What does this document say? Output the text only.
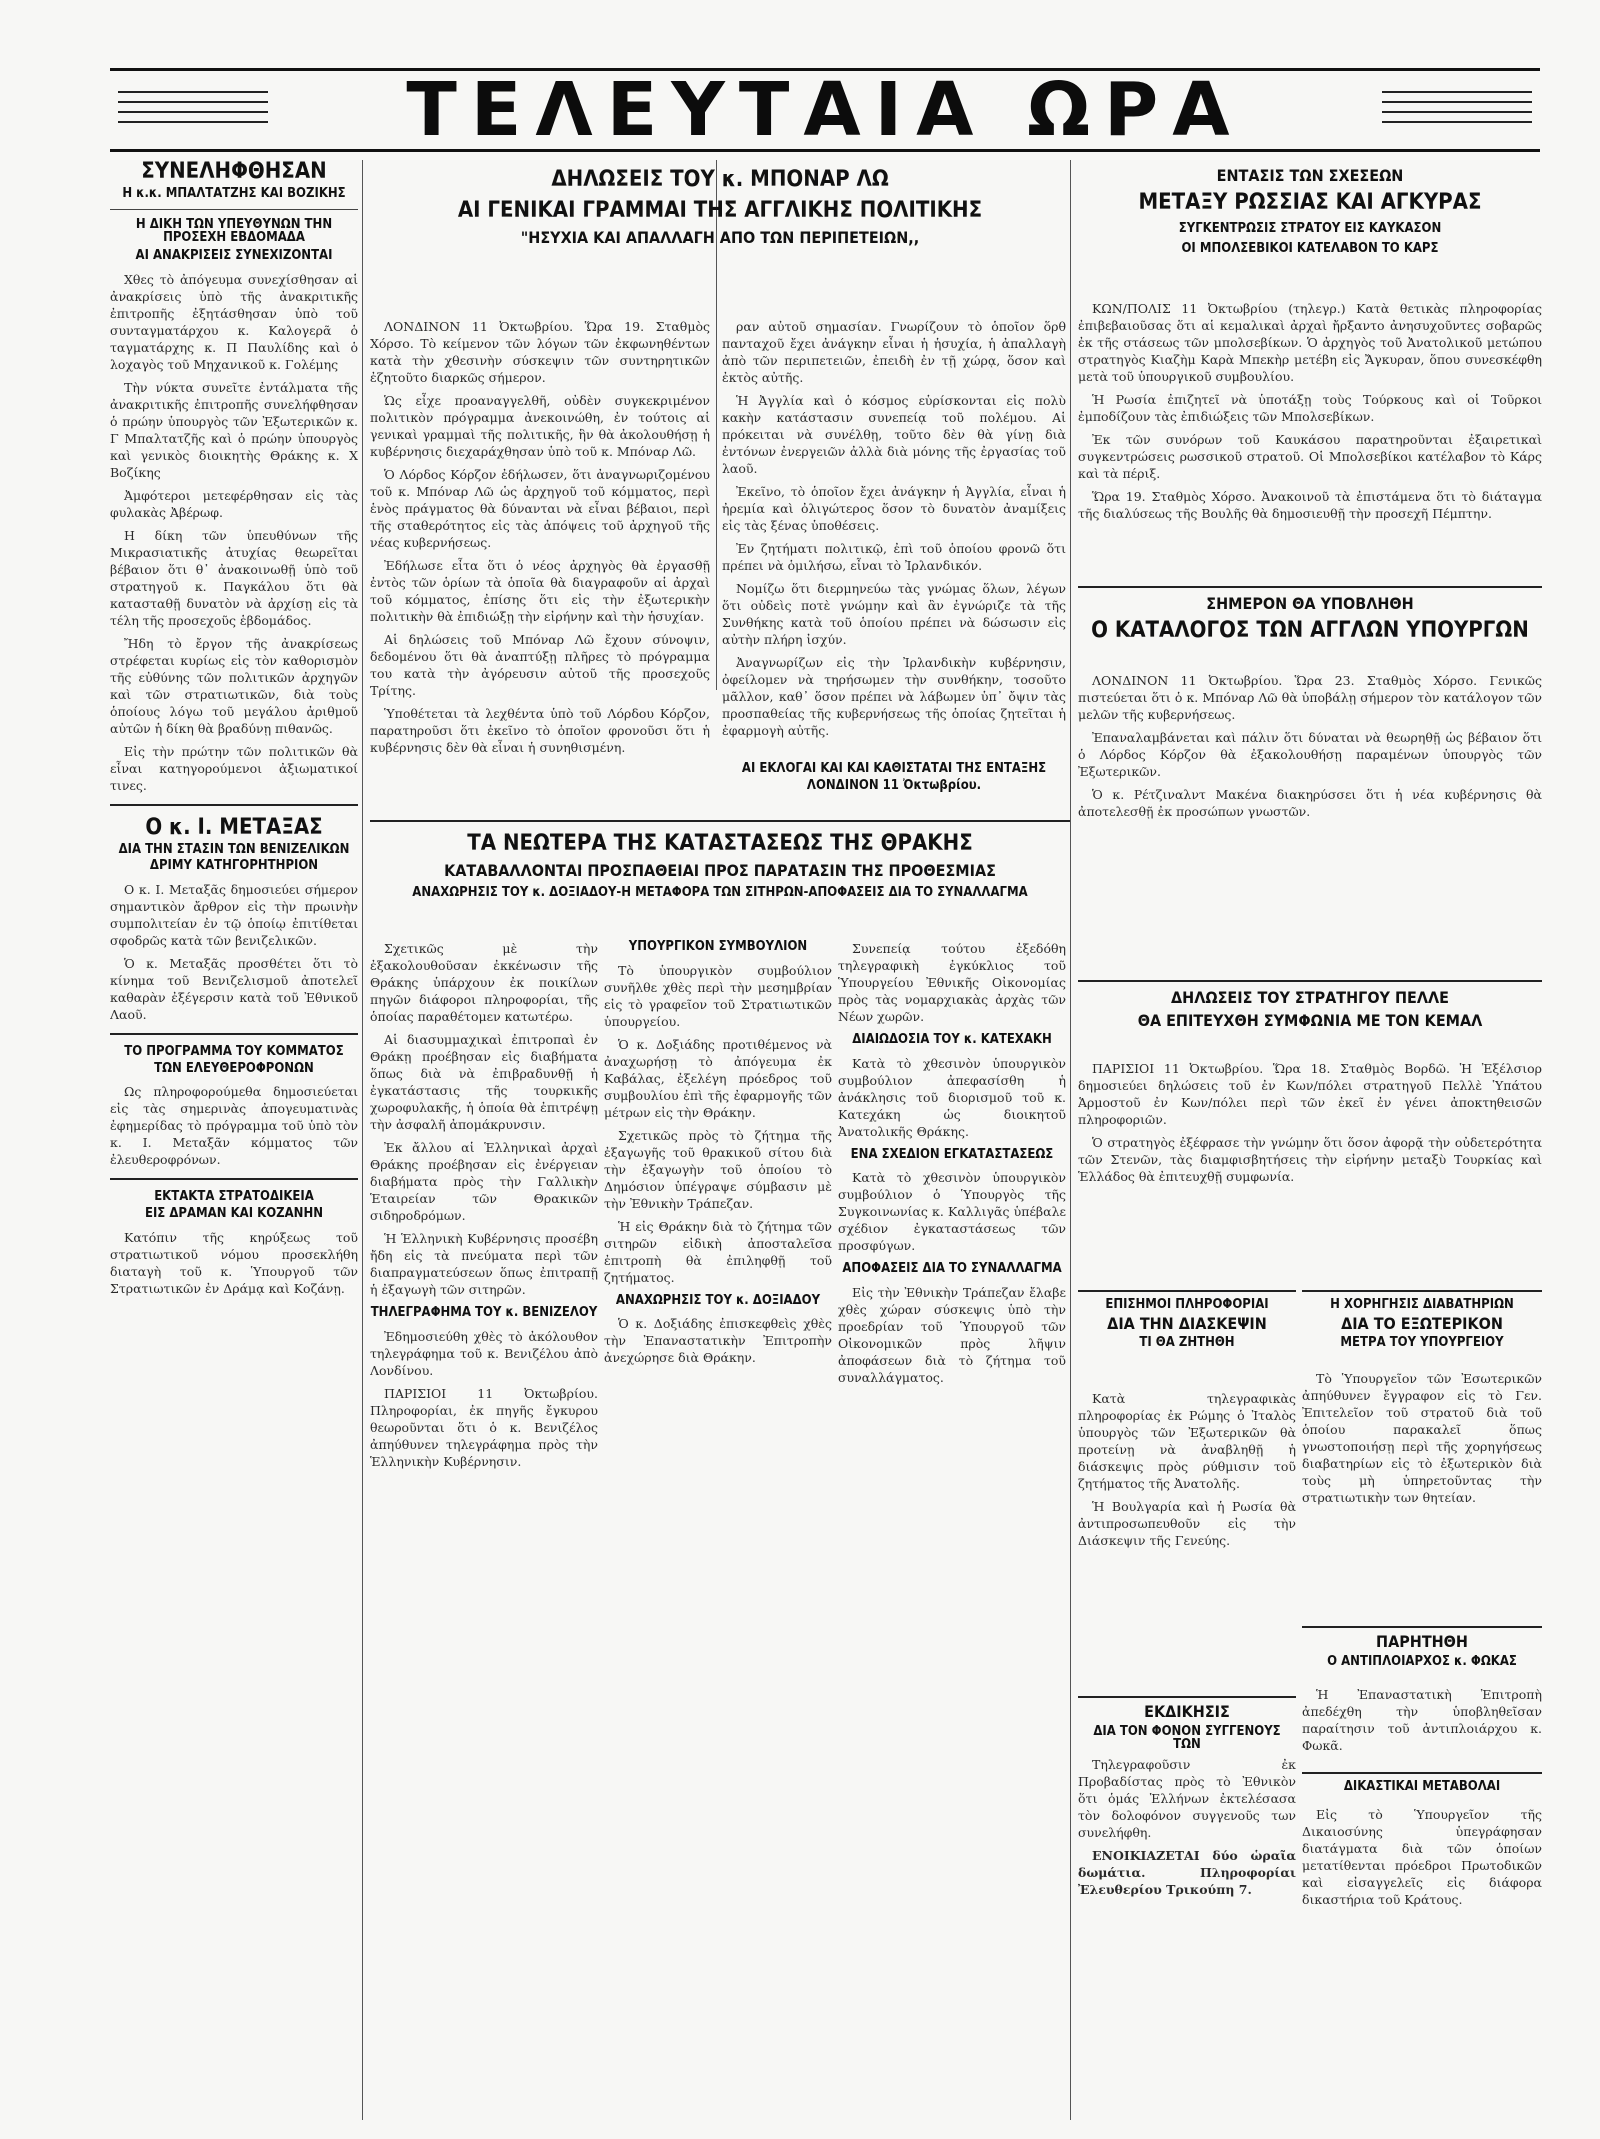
ΤΕΛΕΥΤΑΙΑ ΩΡΑ

ΣΥΝΕΛΗΦΘΗΣΑΝ

Η κ.κ. ΜΠΑΛΤΑΤΖΗΣ ΚΑΙ ΒΟΖΙΚΗΣ

Η ΔΙΚΗ ΤΩΝ ΥΠΕΥΘΥΝΩΝ ΤΗΝ ΠΡΟΣΕΧΗ ΕΒΔΟΜΑΔΑ

ΑΙ ΑΝΑΚΡΙΣΕΙΣ ΣΥΝΕΧΙΖΟΝΤΑΙ

Χθες τὸ ἀπόγευμα συνεχίσθησαν αἱ ἀνακρίσεις ὑπὸ τῆς ἀνακριτικῆς ἐπιτροπῆς ἐξητάσθησαν ὑπὸ τοῦ συνταγματάρχου κ. Καλογερᾶ ὁ ταγματάρχης κ. Π Παυλίδης καὶ ὁ λοχαγὸς τοῦ Μηχανικοῦ κ. Γολέμης

Τὴν νύκτα συνεῖτε ἐντάλματα τῆς ἀνακριτικῆς ἐπιτροπῆς συνελήφθησαν ὁ πρώην ὑπουργὸς τῶν Ἐξωτερικῶν κ. Γ Μπαλτατζῆς καὶ ὁ πρώην ὑπουργὸς καὶ γενικὸς διοικητὴς Θράκης κ. Χ Βοζίκης

Ἀμφότεροι μετεφέρθησαν εἰς τὰς φυλακὰς Ἀβέρωφ.

Η δίκη τῶν ὑπευθύνων τῆς Μικρασιατικῆς ἀτυχίας θεωρεῖται βέβαιον ὅτι θ᾽ ἀνακοινωθῇ ὑπὸ τοῦ στρατηγοῦ κ. Παγκάλου ὅτι θὰ κατασταθῇ δυνατὸν νὰ ἀρχίσῃ εἰς τὰ τέλη τῆς προσεχοῦς ἑβδομάδος.

Ἤδη τὸ ἔργον τῆς ἀνακρίσεως στρέφεται κυρίως εἰς τὸν καθορισμὸν τῆς εὐθύνης τῶν πολιτικῶν ἀρχηγῶν καὶ τῶν στρατιωτικῶν, διὰ τοὺς ὁποίους λόγω τοῦ μεγάλου ἀριθμοῦ αὐτῶν ἡ δίκη θὰ βραδύνῃ πιθανῶς.

Εἰς τὴν πρώτην τῶν πολιτικῶν θὰ εἶναι κατηγορούμενοι ἀξιωματικοί τινες.

Ο κ. Ι. ΜΕΤΑΞΑΣ

ΔΙΑ ΤΗΝ ΣΤΑΣΙΝ ΤΩΝ ΒΕΝΙΖΕΛΙΚΩΝ

ΔΡΙΜΥ ΚΑΤΗΓΟΡΗΤΗΡΙΟΝ

Ο κ. Ι. Μεταξᾶς δημοσιεύει σήμερον σημαντικὸν ἄρθρον εἰς τὴν πρωινὴν συμπολιτείαν ἐν τῷ ὁποίῳ ἐπιτίθεται σφοδρῶς κατὰ τῶν βενιζελικῶν.

Ὁ κ. Μεταξᾶς προσθέτει ὅτι τὸ κίνημα τοῦ Βενιζελισμοῦ ἀποτελεῖ καθαρὰν ἐξέγερσιν κατὰ τοῦ Ἐθνικοῦ Λαοῦ.

ΤΟ ΠΡΟΓΡΑΜΜΑ ΤΟΥ ΚΟΜΜΑΤΟΣ

ΤΩΝ ΕΛΕΥΘΕΡΟΦΡΟΝΩΝ

Ως πληροφορούμεθα δημοσιεύεται εἰς τὰς σημερινὰς ἀπογευματινὰς ἐφημερίδας τὸ πρόγραμμα τοῦ ὑπὸ τὸν κ. Ι. Μεταξᾶν κόμματος τῶν ἐλευθεροφρόνων.

ΕΚΤΑΚΤΑ ΣΤΡΑΤΟΔΙΚΕΙΑ

ΕΙΣ ΔΡΑΜΑΝ ΚΑΙ ΚΟΖΑΝΗΝ

Κατόπιν τῆς κηρύξεως τοῦ στρατιωτικοῦ νόμου προσεκλήθη διαταγὴ τοῦ κ. Ὑπουργοῦ τῶν Στρατιωτικῶν ἐν Δράμᾳ καὶ Κοζάνῃ.

ΔΗΛΩΣΕΙΣ ΤΟΥ κ. ΜΠΟΝΑΡ ΛΩ

ΑΙ ΓΕΝΙΚΑΙ ΓΡΑΜΜΑΙ ΤΗΣ ΑΓΓΛΙΚΗΣ ΠΟΛΙΤΙΚΗΣ

"ΗΣΥΧΙΑ ΚΑΙ ΑΠΑΛΛΑΓΗ ΑΠΟ ΤΩΝ ΠΕΡΙΠΕΤΕΙΩΝ,,

ΛΟΝΔΙΝΟΝ 11 Ὀκτωβρίου. Ὥρα 19. Σταθμὸς Χόρσο. Τὸ κείμενον τῶν λόγων τῶν ἐκφωνηθέντων κατὰ τὴν χθεσινὴν σύσκεψιν τῶν συντηρητικῶν ἐζητοῦτο διαρκῶς σήμερον.

Ὡς εἶχε προαναγγελθῆ, οὐδὲν συγκεκριμένον πολιτικὸν πρόγραμμα ἀνεκοινώθη, ἐν τούτοις αἱ γενικαὶ γραμμαὶ τῆς πολιτικῆς, ἣν θὰ ἀκολουθήσῃ ἡ κυβέρνησις διεχαράχθησαν ὑπὸ τοῦ κ. Μπόναρ Λῶ.

Ὁ Λόρδος Κόρζον ἐδήλωσεν, ὅτι ἀναγνωριζομένου τοῦ κ. Μπόναρ Λῶ ὡς ἀρχηγοῦ τοῦ κόμματος, περὶ ἑνὸς πράγματος θὰ δύνανται νὰ εἶναι βέβαιοι, περὶ τῆς σταθερότητος εἰς τὰς ἀπόψεις τοῦ ἀρχηγοῦ τῆς νέας κυβερνήσεως.

Ἐδήλωσε εἶτα ὅτι ὁ νέος ἀρχηγὸς θὰ ἐργασθῇ ἐντὸς τῶν ὁρίων τὰ ὁποῖα θὰ διαγραφοῦν αἱ ἀρχαὶ τοῦ κόμματος, ἐπίσης ὅτι εἰς τὴν ἐξωτερικὴν πολιτικὴν θὰ ἐπιδιώξῃ τὴν εἰρήνην καὶ τὴν ἡσυχίαν.

Αἱ δηλώσεις τοῦ Μπόναρ Λῶ ἔχουν σύνοψιν, δεδομένου ὅτι θὰ ἀναπτύξῃ πλῆρες τὸ πρόγραμμα του κατὰ τὴν ἀγόρευσιν αὐτοῦ τῆς προσεχοῦς Τρίτης.

Ὑποθέτεται τὰ λεχθέντα ὑπὸ τοῦ Λόρδου Κόρζον, παρατηροῦσι ὅτι ἐκεῖνο τὸ ὁποῖον φρονοῦσι ὅτι ἡ κυβέρνησις δὲν θὰ εἶναι ἡ συνηθισμένη.

ραν αὐτοῦ σημασίαν. Γνωρίζουν τὸ ὁποῖον ὅρθ πανταχοῦ ἔχει ἀνάγκην εἶναι ἡ ἡσυχία, ἡ ἀπαλλαγὴ ἀπὸ τῶν περιπετειῶν, ἐπειδὴ ἐν τῇ χώρᾳ, ὅσον καὶ ἐκτὸς αὐτῆς.

Ἡ Ἀγγλία καὶ ὁ κόσμος εὑρίσκονται εἰς πολὺ κακὴν κατάστασιν συνεπείᾳ τοῦ πολέμου. Αἱ πρόκειται νὰ συνέλθῃ, τοῦτο δὲν θὰ γίνῃ διὰ ἐντόνων ἐνεργειῶν ἀλλὰ διὰ μόνης τῆς ἐργασίας τοῦ λαοῦ.

Ἐκεῖνο, τὸ ὁποῖον ἔχει ἀνάγκην ἡ Ἀγγλία, εἶναι ἡ ἠρεμία καὶ ὀλιγώτερος ὅσον τὸ δυνατὸν ἀναμίξεις εἰς τὰς ξένας ὑποθέσεις.

Ἐν ζητήματι πολιτικῷ, ἐπὶ τοῦ ὁποίου φρονῶ ὅτι πρέπει νὰ ὁμιλήσω, εἶναι τὸ Ἰρλανδικόν.

Νομίζω ὅτι διερμηνεύω τὰς γνώμας ὅλων, λέγων ὅτι οὐδεὶς ποτὲ γνώμην καὶ ἂν ἐγνώριζε τὰ τῆς Συνθήκης κατὰ τοῦ ὁποίου πρέπει νὰ δώσωσιν εἰς αὐτὴν πλήρη ἰσχύν.

Ἀναγνωρίζων εἰς τὴν Ἰρλανδικὴν κυβέρνησιν, ὀφείλομεν νὰ τηρήσωμεν τὴν συνθήκην, τοσοῦτο μᾶλλον, καθ᾽ ὅσον πρέπει νὰ λάβωμεν ὑπ᾽ ὄψιν τὰς προσπαθείας τῆς κυβερνήσεως τῆς ὁποίας ζητεῖται ἡ ἐφαρμογὴ αὐτῆς.

ΑΙ ΕΚΛΟΓΑΙ ΚΑΙ ΚΑΙ ΚΑΘΙΣΤΑΤΑΙ ΤΗΣ ΕΝΤΑΞΗΣ

ΛΟΝΔΙΝΟΝ 11 Ὀκτωβρίου.

ΤΑ ΝΕΩΤΕΡΑ ΤΗΣ ΚΑΤΑΣΤΑΣΕΩΣ ΤΗΣ ΘΡΑΚΗΣ

ΚΑΤΑΒΑΛΛΟΝΤΑΙ ΠΡΟΣΠΑΘΕΙΑΙ ΠΡΟΣ ΠΑΡΑΤΑΣΙΝ ΤΗΣ ΠΡΟΘΕΣΜΙΑΣ

ΑΝΑΧΩΡΗΣΙΣ ΤΟΥ κ. ΔΟΞΙΑΔΟΥ-Η ΜΕΤΑΦΟΡΑ ΤΩΝ ΣΙΤΗΡΩΝ-ΑΠΟΦΑΣΕΙΣ ΔΙΑ ΤΟ ΣΥΝΑΛΛΑΓΜΑ

Σχετικῶς μὲ τὴν ἐξακολουθοῦσαν ἐκκένωσιν τῆς Θράκης ὑπάρχουν ἐκ ποικίλων πηγῶν διάφοροι πληροφορίαι, τῆς ὁποίας παραθέτομεν κατωτέρω.

Αἱ διασυμμαχικαὶ ἐπιτροπαὶ ἐν Θράκῃ προέβησαν εἰς διαβήματα ὅπως διὰ νὰ ἐπιβραδυνθῇ ἡ ἐγκατάστασις τῆς τουρκικῆς χωροφυλακῆς, ἡ ὁποία θὰ ἐπιτρέψῃ τὴν ἀσφαλῆ ἀπομάκρυνσιν.

Ἐκ ἄλλου αἱ Ἑλληνικαὶ ἀρχαὶ Θράκης προέβησαν εἰς ἐνέργειαν διαβήματα πρὸς τὴν Γαλλικὴν Ἑταιρείαν τῶν Θρακικῶν σιδηροδρόμων.

Ἡ Ἑλληνικὴ Κυβέρνησις προσέβη ἤδη εἰς τὰ πνεύματα περὶ τῶν διαπραγματεύσεων ὅπως ἐπιτραπῇ ἡ ἐξαγωγὴ τῶν σιτηρῶν.

ΤΗΛΕΓΡΑΦΗΜΑ ΤΟΥ κ. ΒΕΝΙΖΕΛΟΥ

Ἐδημοσιεύθη χθὲς τὸ ἀκόλουθον τηλεγράφημα τοῦ κ. Βενιζέλου ἀπὸ Λονδίνου.

ΠΑΡΙΣΙΟΙ 11 Ὀκτωβρίου. Πληροφορίαι, ἐκ πηγῆς ἔγκυρου θεωροῦνται ὅτι ὁ κ. Βενιζέλος ἀπηύθυνεν τηλεγράφημα πρὸς τὴν Ἑλληνικὴν Κυβέρνησιν.

ΥΠΟΥΡΓΙΚΟΝ ΣΥΜΒΟΥΛΙΟΝ

Τὸ ὑπουργικὸν συμβούλιον συνῆλθε χθὲς περὶ τὴν μεσημβρίαν εἰς τὸ γραφεῖον τοῦ Στρατιωτικῶν ὑπουργείου.

Ὁ κ. Δοξιάδης προτιθέμενος νὰ ἀναχωρήσῃ τὸ ἀπόγευμα ἐκ Καβάλας, ἐξελέγη πρόεδρος τοῦ συμβουλίου ἐπὶ τῆς ἐφαρμογῆς τῶν μέτρων εἰς τὴν Θράκην.

Σχετικῶς πρὸς τὸ ζήτημα τῆς ἐξαγωγῆς τοῦ θρακικοῦ σίτου διὰ τὴν ἐξαγωγὴν τοῦ ὁποίου τὸ Δημόσιον ὑπέγραψε σύμβασιν μὲ τὴν Ἐθνικὴν Τράπεζαν.

Ἡ εἰς Θράκην διὰ τὸ ζήτημα τῶν σιτηρῶν εἰδικὴ ἀποσταλεῖσα ἐπιτροπὴ θὰ ἐπιληφθῇ τοῦ ζητήματος.

ΑΝΑΧΩΡΗΣΙΣ ΤΟΥ κ. ΔΟΞΙΑΔΟΥ

Ὁ κ. Δοξιάδης ἐπισκεφθεὶς χθὲς τὴν Ἐπαναστατικὴν Ἐπιτροπὴν ἀνεχώρησε διὰ Θράκην.

Συνεπείᾳ τούτου ἐξεδόθη τηλεγραφικὴ ἐγκύκλιος τοῦ Ὑπουργείου Ἐθνικῆς Οἰκονομίας πρὸς τὰς νομαρχιακὰς ἀρχὰς τῶν Νέων χωρῶν.

ΔΙΑΙΩΔΟΣΙΑ ΤΟΥ κ. ΚΑΤΕΧΑΚΗ

Κατὰ τὸ χθεσινὸν ὑπουργικὸν συμβούλιον ἀπεφασίσθη ἡ ἀνάκλησις τοῦ διορισμοῦ τοῦ κ. Κατεχάκη ὡς διοικητοῦ Ἀνατολικῆς Θράκης.

ΕΝΑ ΣΧΕΔΙΟΝ ΕΓΚΑΤΑΣΤΑΣΕΩΣ

Κατὰ τὸ χθεσινὸν ὑπουργικὸν συμβούλιον ὁ Ὑπουργὸς τῆς Συγκοινωνίας κ. Καλλιγᾶς ὑπέβαλε σχέδιον ἐγκαταστάσεως τῶν προσφύγων.

ΑΠΟΦΑΣΕΙΣ ΔΙΑ ΤΟ ΣΥΝΑΛΛΑΓΜΑ

Εἰς τὴν Ἐθνικὴν Τράπεζαν ἔλαβε χθὲς χώραν σύσκεψις ὑπὸ τὴν προεδρίαν τοῦ Ὑπουργοῦ τῶν Οἰκονομικῶν πρὸς λῆψιν ἀποφάσεων διὰ τὸ ζήτημα τοῦ συναλλάγματος.

ΕΝΤΑΣΙΣ ΤΩΝ ΣΧΕΣΕΩΝ

ΜΕΤΑΞΥ ΡΩΣΣΙΑΣ ΚΑΙ ΑΓΚΥΡΑΣ

ΣΥΓΚΕΝΤΡΩΣΙΣ ΣΤΡΑΤΟΥ ΕΙΣ ΚΑΥΚΑΣΟΝ

ΟΙ ΜΠΟΛΣΕΒΙΚΟΙ ΚΑΤΕΛΑΒΟΝ ΤΟ ΚΑΡΣ

ΚΩΝ/ΠΟΛΙΣ 11 Ὀκτωβρίου (τηλεγρ.) Κατὰ θετικὰς πληροφορίας ἐπιβεβαιοῦσας ὅτι αἱ κεμαλικαὶ ἀρχαὶ ἤρξαντο ἀνησυχοῦντες σοβαρῶς ἐκ τῆς στάσεως τῶν μπολσεβίκων. Ὁ ἀρχηγὸς τοῦ Ἀνατολικοῦ μετώπου στρατηγὸς Κιαζὴμ Καρὰ Μπεκὴρ μετέβη εἰς Ἄγκυραν, ὅπου συνεσκέφθη μετὰ τοῦ ὑπουργικοῦ συμβουλίου.

Ἡ Ρωσία ἐπιζητεῖ νὰ ὑποτάξῃ τοὺς Τούρκους καὶ οἱ Τοῦρκοι ἐμποδίζουν τὰς ἐπιδιώξεις τῶν Μπολσεβίκων.

Ἐκ τῶν συνόρων τοῦ Καυκάσου παρατηροῦνται ἐξαιρετικαὶ συγκεντρώσεις ρωσσικοῦ στρατοῦ. Οἱ Μπολσεβίκοι κατέλαβον τὸ Κάρς καὶ τὰ πέριξ.

Ὥρα 19. Σταθμὸς Χόρσο. Ἀνακοινοῦ τὰ ἐπιστάμενα ὅτι τὸ διάταγμα τῆς διαλύσεως τῆς Βουλῆς θὰ δημοσιευθῇ τὴν προσεχῆ Πέμπτην.

ΣΗΜΕΡΟΝ ΘΑ ΥΠΟΒΛΗΘΗ

Ο ΚΑΤΑΛΟΓΟΣ ΤΩΝ ΑΓΓΛΩΝ ΥΠΟΥΡΓΩΝ

ΛΟΝΔΙΝΟΝ 11 Ὀκτωβρίου. Ὥρα 23. Σταθμὸς Χόρσο. Γενικῶς πιστεύεται ὅτι ὁ κ. Μπόναρ Λῶ θὰ ὑποβάλῃ σήμερον τὸν κατάλογον τῶν μελῶν τῆς κυβερνήσεως.

Ἐπαναλαμβάνεται καὶ πάλιν ὅτι δύναται νὰ θεωρηθῇ ὡς βέβαιον ὅτι ὁ Λόρδος Κόρζον θὰ ἐξακολουθήσῃ παραμένων ὑπουργὸς τῶν Ἐξωτερικῶν.

Ὁ κ. Ρέτζιναλντ Μακένα διακηρύσσει ὅτι ἡ νέα κυβέρνησις θὰ ἀποτελεσθῇ ἐκ προσώπων γνωστῶν.

ΔΗΛΩΣΕΙΣ ΤΟΥ ΣΤΡΑΤΗΓΟΥ ΠΕΛΛΕ

ΘΑ ΕΠΙΤΕΥΧΘΗ ΣΥΜΦΩΝΙΑ ΜΕ ΤΟΝ ΚΕΜΑΛ

ΠΑΡΙΣΙΟΙ 11 Ὀκτωβρίου. Ὥρα 18. Σταθμὸς Βορδῶ. Ἡ Ἐξέλσιορ δημοσιεύει δηλώσεις τοῦ ἐν Κων/πόλει στρατηγοῦ Πελλὲ Ὑπάτου Ἁρμοστοῦ ἐν Κων/πόλει περὶ τῶν ἐκεῖ ἐν γένει ἀποκτηθεισῶν πληροφοριῶν.

Ὁ στρατηγὸς ἐξέφρασε τὴν γνώμην ὅτι ὅσον ἀφορᾷ τὴν οὐδετερότητα τῶν Στενῶν, τὰς διαμφισβητήσεις τὴν εἰρήνην μεταξὺ Τουρκίας καὶ Ἑλλάδος θὰ ἐπιτευχθῇ συμφωνία.

Η ΧΟΡΗΓΗΣΙΣ ΔΙΑΒΑΤΗΡΙΩΝ

ΔΙΑ ΤΟ ΕΞΩΤΕΡΙΚΟΝ

ΜΕΤΡΑ ΤΟΥ ΥΠΟΥΡΓΕΙΟΥ

Τὸ Ὑπουργεῖον τῶν Ἐσωτερικῶν ἀπηύθυνεν ἔγγραφον εἰς τὸ Γεν. Ἐπιτελεῖον τοῦ στρατοῦ διὰ τοῦ ὁποίου παρακαλεῖ ὅπως γνωστοποιήσῃ περὶ τῆς χορηγήσεως διαβατηρίων εἰς τὸ ἐξωτερικὸν διὰ τοὺς μὴ ὑπηρετοῦντας τὴν στρατιωτικὴν των θητείαν.

ΠΑΡΗΤΗΘΗ

Ο ΑΝΤΙΠΛΟΙΑΡΧΟΣ κ. ΦΩΚΑΣ

Ἡ Ἐπαναστατικὴ Ἐπιτροπὴ ἀπεδέχθη τὴν ὑποβληθεῖσαν παραίτησιν τοῦ ἀντιπλοιάρχου κ. Φωκᾶ.

ΔΙΚΑΣΤΙΚΑΙ ΜΕΤΑΒΟΛΑΙ

Εἰς τὸ Ὑπουργεῖον τῆς Δικαιοσύνης ὑπεγράφησαν διατάγματα διὰ τῶν ὁποίων μετατίθενται πρόεδροι Πρωτοδικῶν καὶ εἰσαγγελεῖς εἰς διάφορα δικαστήρια τοῦ Κράτους.

ΕΠΙΣΗΜΟΙ ΠΛΗΡΟΦΟΡΙΑΙ

ΔΙΑ ΤΗΝ ΔΙΑΣΚΕΨΙΝ

ΤΙ ΘΑ ΖΗΤΗΘΗ

Κατὰ τηλεγραφικὰς πληροφορίας ἐκ Ρώμης ὁ Ἰταλὸς ὑπουργὸς τῶν Ἐξωτερικῶν θὰ προτείνῃ νὰ ἀναβληθῇ ἡ διάσκεψις πρὸς ρύθμισιν τοῦ ζητήματος τῆς Ἀνατολῆς.

Ἡ Βουλγαρία καὶ ἡ Ρωσία θὰ ἀντιπροσωπευθοῦν εἰς τὴν Διάσκεψιν τῆς Γενεύης.

ΕΚΔΙΚΗΣΙΣ

ΔΙΑ ΤΟΝ ΦΟΝΟΝ ΣΥΓΓΕΝΟΥΣ ΤΩΝ

Τηλεγραφοῦσιν ἐκ Προβαδίστας πρὸς τὸ Ἐθνικὸν ὅτι ὁμάς Ἑλλήνων ἐκτελέσασα τὸν δολοφόνον συγγενοῦς των συνελήφθη.

ΕΝΟΙΚΙΑΖΕΤΑΙ δύο ὡραῖα δωμάτια. Πληροφορίαι Ἐλευθερίου Τρικούπη 7.
